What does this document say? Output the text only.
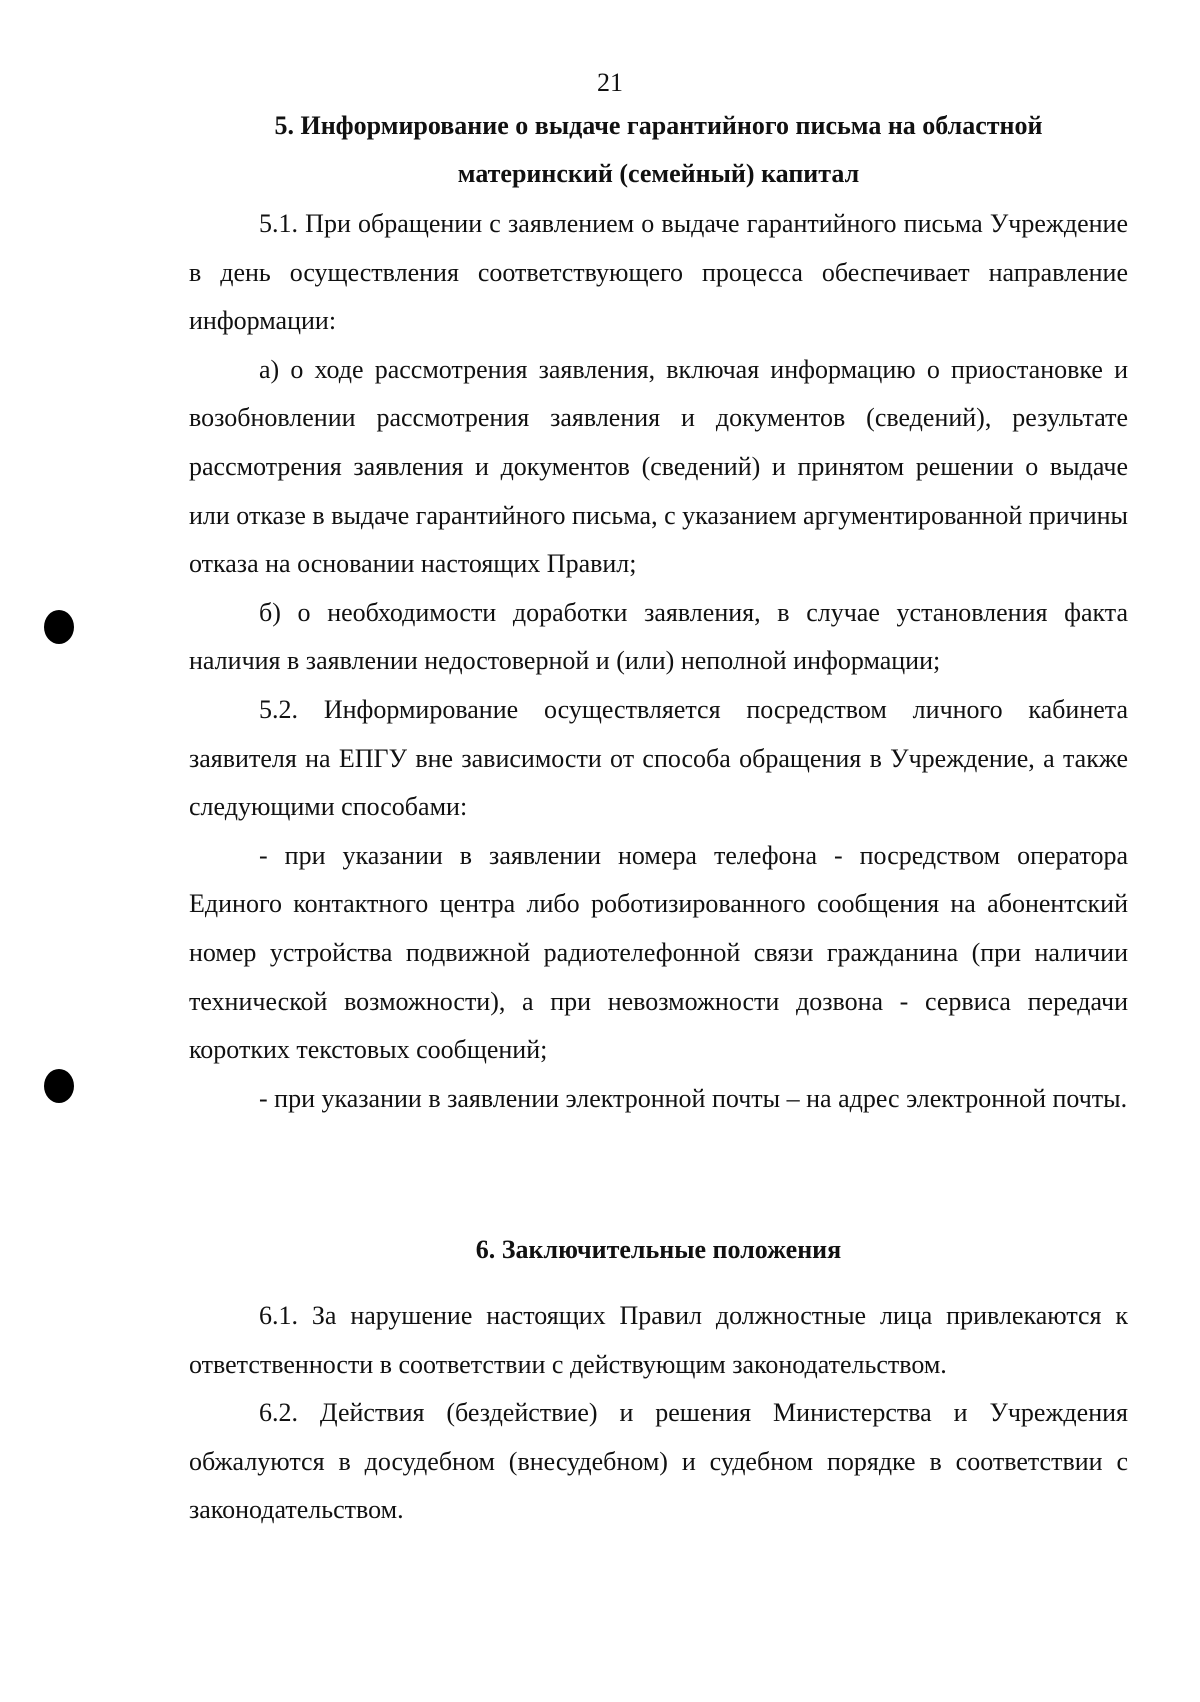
21
5. Информирование о выдаче гарантийного письма на областной
материнский (семейный) капитал

5.1. При обращении с заявлением о выдаче гарантийного письма Учреждение в день осуществления соответствующего процесса обеспечивает направление информации:

а) о ходе рассмотрения заявления, включая информацию о приостановке и возобновлении рассмотрения заявления и документов (сведений), результате рассмотрения заявления и документов (сведений) и принятом решении о выдаче или отказе в выдаче гарантийного письма, с указанием аргументированной причины отказа на основании настоящих Правил;

б) о необходимости доработки заявления, в случае установления факта наличия в заявлении недостоверной и (или) неполной информации;

5.2. Информирование осуществляется посредством личного кабинета заявителя на ЕПГУ вне зависимости от способа обращения в Учреждение, а также следующими способами:

- при указании в заявлении номера телефона - посредством оператора Единого контактного центра либо роботизированного сообщения на абонентский номер устройства подвижной радиотелефонной связи гражданина (при наличии технической возможности), а при невозможности дозвона - сервиса передачи коротких текстовых сообщений;

- при указании в заявлении электронной почты – на адрес электронной почты.

6. Заключительные положения

6.1. За нарушение настоящих Правил должностные лица привлекаются к ответственности в соответствии с действующим законодательством.

6.2. Действия (бездействие) и решения Министерства и Учреждения обжалуются в досудебном (внесудебном) и судебном порядке в соответствии с законодательством.
